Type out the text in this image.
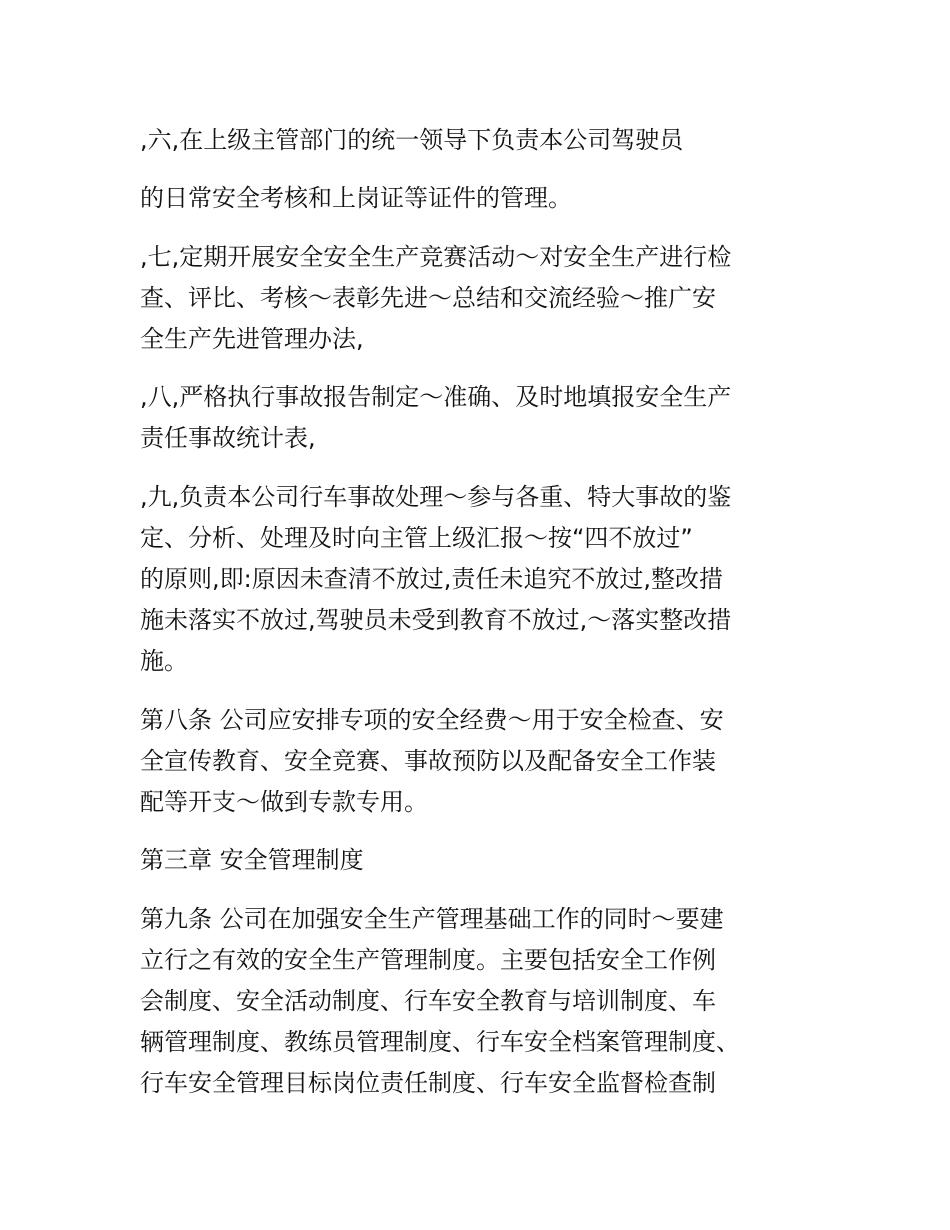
,六,在上级主管部门的统一领导下负责本公司驾驶员
的日常安全考核和上岗证等证件的管理。
,七,定期开展安全安全生产竞赛活动～对安全生产进行检
查、评比、考核～表彰先进～总结和交流经验～推广安
全生产先进管理办法,
,八,严格执行事故报告制定～准确、及时地填报安全生产
责任事故统计表,
,九,负责本公司行车事故处理～参与各重、特大事故的鉴
定、分析、处理及时向主管上级汇报～按“四不放过”
的原则,即:原因未查清不放过,责任未追究不放过,整改措
施未落实不放过,驾驶员未受到教育不放过,～落实整改措
施。
第八条 公司应安排专项的安全经费～用于安全检查、安
全宣传教育、安全竞赛、事故预防以及配备安全工作装
配等开支～做到专款专用。
第三章 安全管理制度
第九条 公司在加强安全生产管理基础工作的同时～要建
立行之有效的安全生产管理制度。主要包括安全工作例
会制度、安全活动制度、行车安全教育与培训制度、车
辆管理制度、教练员管理制度、行车安全档案管理制度、
行车安全管理目标岗位责任制度、行车安全监督检查制
